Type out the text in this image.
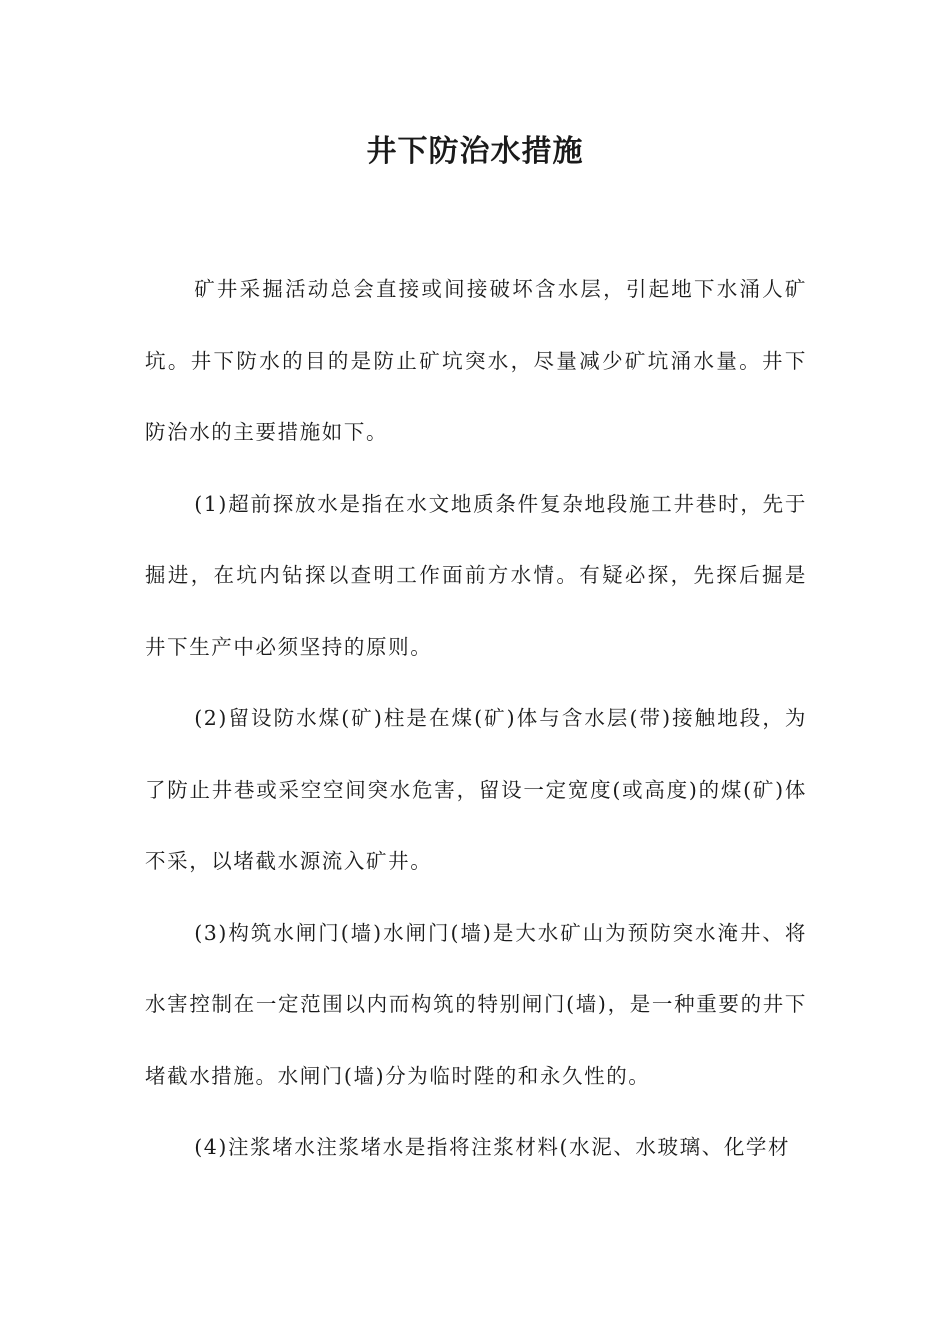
井下防治水措施

矿井采掘活动总会直接或间接破坏含水层，引起地下水涌人矿坑。井下防水的目的是防止矿坑突水，尽量减少矿坑涌水量。井下防治水的主要措施如下。

(1)超前探放水是指在水文地质条件复杂地段施工井巷时，先于掘进，在坑内钻探以查明工作面前方水情。有疑必探，先探后掘是井下生产中必须坚持的原则。

(2)留设防水煤(矿)柱是在煤(矿)体与含水层(带)接触地段，为了防止井巷或采空空间突水危害，留设一定宽度(或高度)的煤(矿)体不采，以堵截水源流入矿井。

(3)构筑水闸门(墙)水闸门(墙)是大水矿山为预防突水淹井、将水害控制在一定范围以内而构筑的特别闸门(墙)，是一种重要的井下堵截水措施。水闸门(墙)分为临时陛的和永久性的。

(4)注浆堵水注浆堵水是指将注浆材料(水泥、水玻璃、化学材
